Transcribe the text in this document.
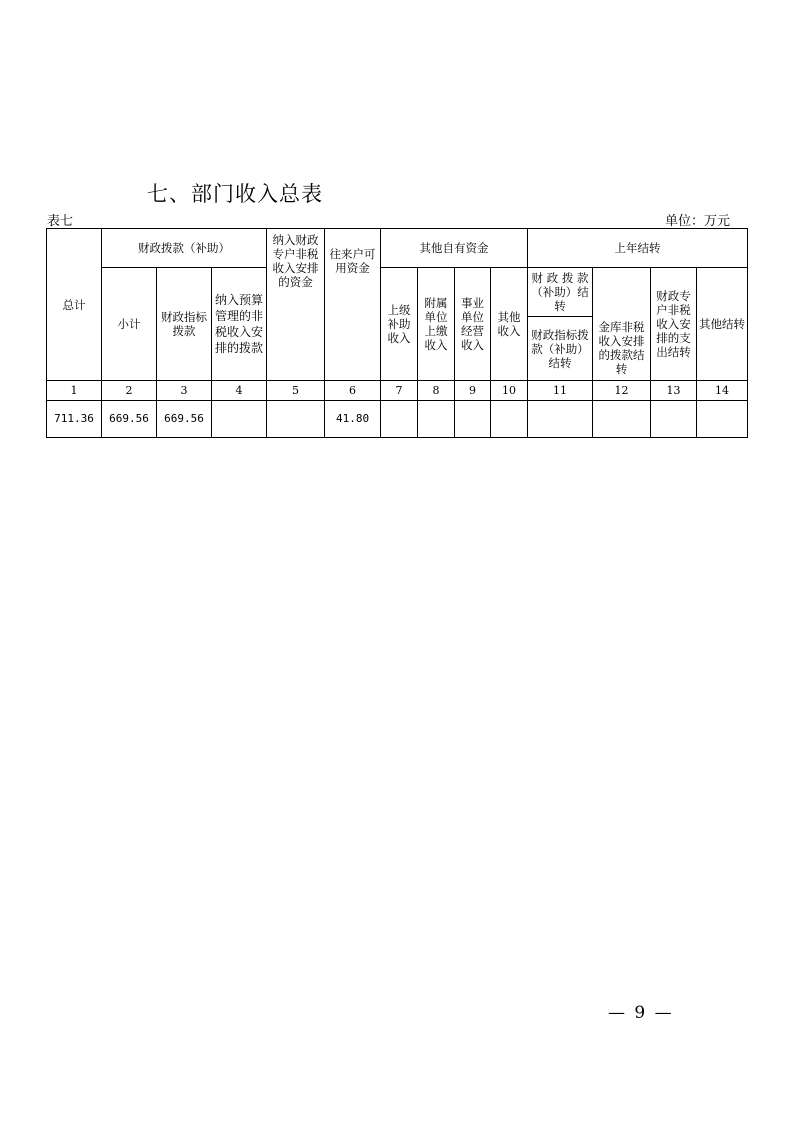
七、部门收入总表
表七	单位：万元
总计	财政拨款（补助）			纳入财政专户非税收入安排的资金	往来户可用资金	其他自有资金				上年结转			
	小计	财政指标拨款	纳入预算管理的非税收入安排的拨款			上级补助收入	附属单位上缴收入	事业单位经营收入	其他收入	财 政 拨 款（补助）结转		财政专户非税收入安排的支出结转	其他结转
										财政指标拨款（补助）结转	金库非税收入安排的拨款结转		
1	2	3	4	5	6	7	8	9	10	11	12	13	14
711.36	669.56	669.56			41.80								
— 9 —
